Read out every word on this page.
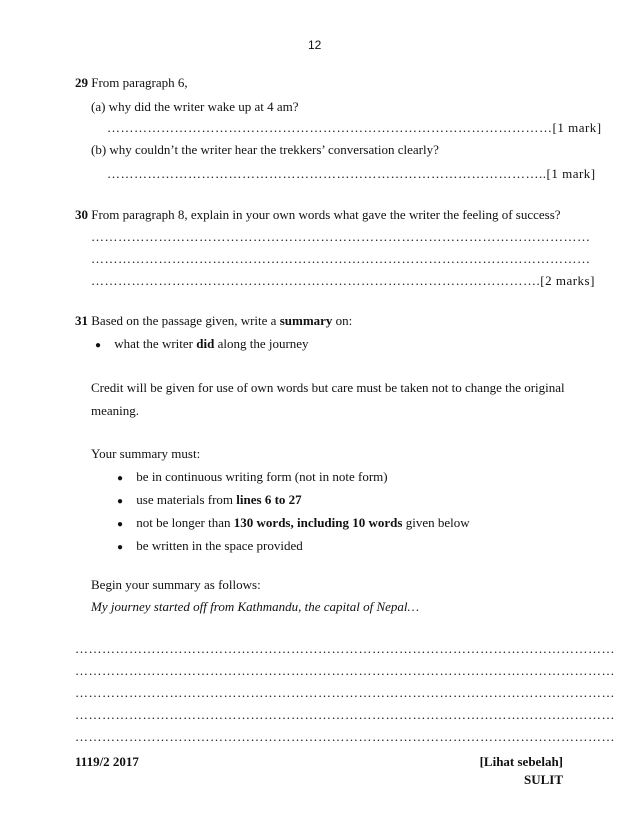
12
29 From paragraph 6,
(a) why did the writer wake up at 4 am?
………………………………………………………………………………………[1 mark]
(b) why couldn’t the writer hear the trekkers’ conversation clearly?
……………………………………………………………………………………..[1 mark]
30 From paragraph 8, explain in your own words what gave the writer the feeling of success?
…………………………………………………………………………………………………
…………………………………………………………………………………………………
……………………………………………………………………………………….[2 marks]
31 Based on the passage given, write a summary on:
● what the writer did along the journey
Credit will be given for use of own words but care must be taken not to change the original
meaning.
Your summary must:
● be in continuous writing form (not in note form)
● use materials from lines 6 to 27
● not be longer than 130 words, including 10 words given below
● be written in the space provided
Begin your summary as follows:
My journey started off from Kathmandu, the capital of Nepal…
…………………………………………………………………………………………………………
…………………………………………………………………………………………………………
…………………………………………………………………………………………………………
…………………………………………………………………………………………………………
…………………………………………………………………………………………………………
1119/2 2017	[Lihat sebelah]
SULIT
